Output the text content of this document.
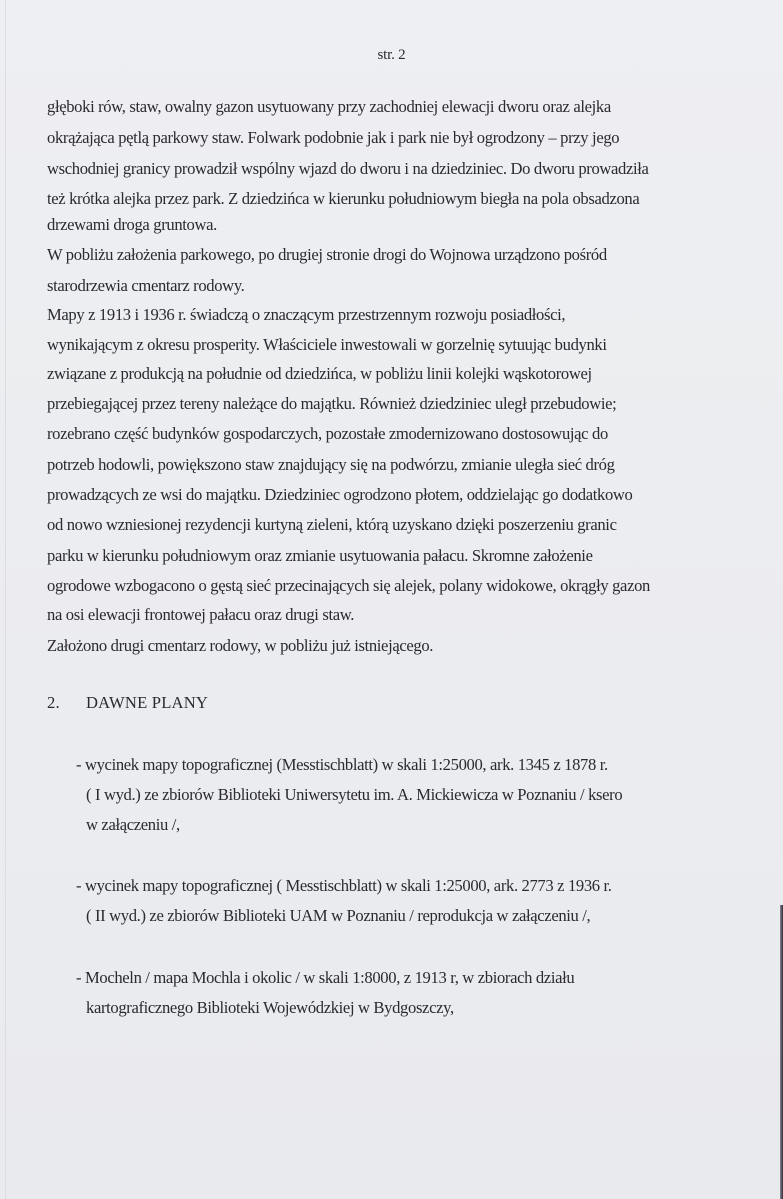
str. 2
głęboki rów, staw, owalny gazon usytuowany przy zachodniej elewacji dworu oraz alejka
okrążająca pętlą parkowy staw. Folwark podobnie jak i park nie był ogrodzony – przy jego
wschodniej granicy prowadził wspólny wjazd do dworu i na dziedziniec. Do dworu prowadziła
też krótka alejka przez park. Z dziedzińca w kierunku południowym biegła na pola obsadzona
drzewami droga gruntowa.
W pobliżu założenia parkowego, po drugiej stronie drogi do Wojnowa urządzono pośród
starodrzewia cmentarz rodowy.
Mapy z 1913 i 1936 r. świadczą o znaczącym przestrzennym rozwoju posiadłości,
wynikającym z okresu prosperity. Właściciele inwestowali w gorzelnię sytuując budynki
związane z produkcją na południe od dziedzińca, w pobliżu linii kolejki wąskotorowej
przebiegającej przez tereny należące do majątku. Również dziedziniec uległ przebudowie;
rozebrano część budynków gospodarczych, pozostałe zmodernizowano dostosowując do
potrzeb hodowli, powiększono staw znajdujący się na podwórzu, zmianie uległa sieć dróg
prowadzących ze wsi do majątku. Dziedziniec ogrodzono płotem, oddzielając go dodatkowo
od nowo wzniesionej rezydencji kurtyną zieleni, którą uzyskano dzięki poszerzeniu granic
parku w kierunku południowym oraz zmianie usytuowania pałacu. Skromne założenie
ogrodowe wzbogacono o gęstą sieć przecinających się alejek, polany widokowe, okrągły gazon
na osi elewacji frontowej pałacu oraz drugi staw.
Założono drugi cmentarz rodowy, w pobliżu już istniejącego.
2. DAWNE PLANY
- wycinek mapy topograficznej (Messtischblatt) w skali 1:25000, ark. 1345 z 1878 r.
( I wyd.) ze zbiorów Biblioteki Uniwersytetu im. A. Mickiewicza w Poznaniu / ksero
w załączeniu /,
- wycinek mapy topograficznej ( Messtischblatt) w skali 1:25000, ark. 2773 z 1936 r.
( II wyd.) ze zbiorów Biblioteki UAM w Poznaniu / reprodukcja w załączeniu /,
- Mocheln / mapa Mochla i okolic / w skali 1:8000, z 1913 r, w zbiorach działu
kartograficznego Biblioteki Wojewódzkiej w Bydgoszczy,
